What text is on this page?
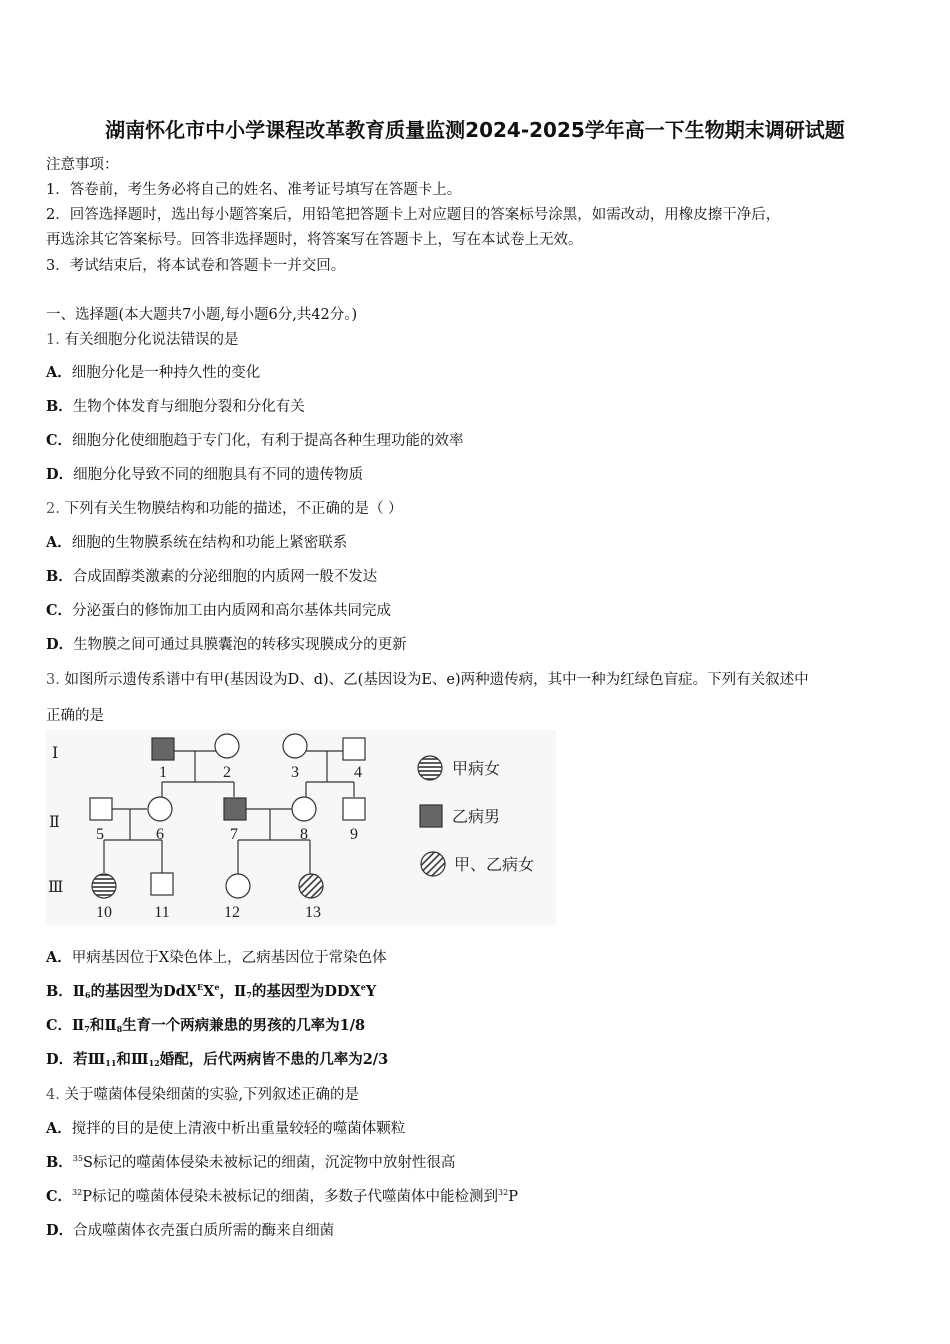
湖南怀化市中小学课程改革教育质量监测2024-2025学年高一下生物期末调研试题
注意事项：
1．答卷前，考生务必将自己的姓名、准考证号填写在答题卡上。
2．回答选择题时，选出每小题答案后，用铅笔把答题卡上对应题目的答案标号涂黑，如需改动，用橡皮擦干净后，
再选涂其它答案标号。回答非选择题时，将答案写在答题卡上，写在本试卷上无效。
3．考试结束后，将本试卷和答题卡一并交回。
一、选择题(本大题共7小题,每小题6分,共42分。)
1. 有关细胞分化说法错误的是
A．细胞分化是一种持久性的变化
B．生物个体发育与细胞分裂和分化有关
C．细胞分化使细胞趋于专门化，有利于提高各种生理功能的效率
D．细胞分化导致不同的细胞具有不同的遗传物质
2. 下列有关生物膜结构和功能的描述，不正确的是（ ）
A．细胞的生物膜系统在结构和功能上紧密联系
B．合成固醇类激素的分泌细胞的内质网一般不发达
C．分泌蛋白的修饰加工由内质网和高尔基体共同完成
D．生物膜之间可通过具膜囊泡的转移实现膜成分的更新
3. 如图所示遗传系谱中有甲(基因设为D、d)、乙(基因设为E、e)两种遗传病，其中一种为红绿色盲症。下列有关叙述中
正确的是
Ⅰ
Ⅱ
Ⅲ
1	2	3	4
5	6	7	8	9
10	11	12	13
甲病女
乙病男
甲、乙病女
A．甲病基因位于X染色体上，乙病基因位于常染色体
B．$Ⅱ_6$的基因型为DdX$^E$Xe，$Ⅱ_7$的基因型为DDXeY
C．$Ⅱ_7$和$Ⅱ_8$生育一个两病兼患的男孩的几率为1/8
D．若$Ⅲ_{11}$和$Ⅲ_{12}$婚配，后代两病皆不患的几率为2/3
4. 关于噬菌体侵染细菌的实验,下列叙述正确的是
A．搅拌的目的是使上清液中析出重量较轻的噬菌体颗粒
B．$^{35}$S标记的噬菌体侵染未被标记的细菌，沉淀物中放射性很高
C．$^{32}$P标记的噬菌体侵染未被标记的细菌，多数子代噬菌体中能检测到$^{32}$P
D．合成噬菌体衣壳蛋白质所需的酶来自细菌
